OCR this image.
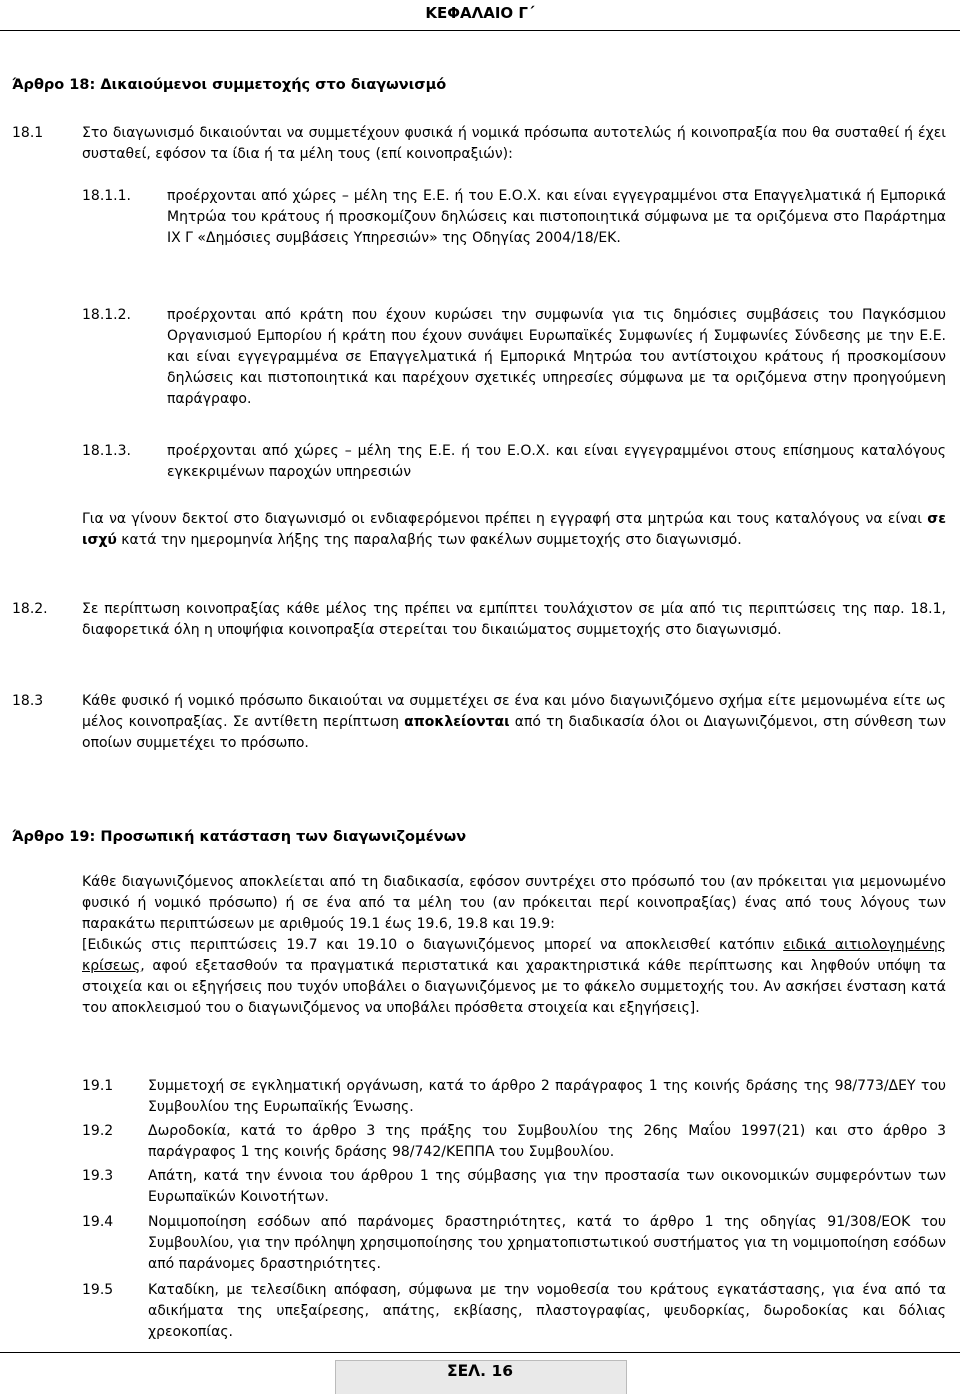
ΚΕΦΑΛΑΙΟ Γ΄
Άρθρο 18: Δικαιούμενοι συμμετοχής στο διαγωνισμό
18.1	Στο διαγωνισμό δικαιούνται να συμμετέχουν φυσικά ή νομικά πρόσωπα αυτοτελώς ή κοινοπραξία που θα συσταθεί ή έχει συσταθεί, εφόσον τα ίδια ή τα μέλη τους (επί κοινοπραξιών):

18.1.1.	προέρχονται από χώρες – μέλη της Ε.Ε. ή του Ε.Ο.Χ. και είναι εγγεγραμμένοι στα Επαγγελματικά ή Εμπορικά Μητρώα του κράτους ή προσκομίζουν δηλώσεις και πιστοποιητικά σύμφωνα με τα οριζόμενα στο Παράρτημα ΙΧ Γ «Δημόσιες συμβάσεις Υπηρεσιών» της Οδηγίας 2004/18/ΕΚ.

18.1.2.	προέρχονται από κράτη που έχουν κυρώσει την συμφωνία για τις δημόσιες συμβάσεις του Παγκόσμιου Οργανισμού Εμπορίου ή κράτη που έχουν συνάψει Ευρωπαϊκές Συμφωνίες ή Συμφωνίες Σύνδεσης με την Ε.Ε. και είναι εγγεγραμμένα σε Επαγγελματικά ή Εμπορικά Μητρώα του αντίστοιχου κράτους ή προσκομίσουν δηλώσεις και πιστοποιητικά και παρέχουν σχετικές υπηρεσίες σύμφωνα με τα οριζόμενα στην προηγούμενη παράγραφο.

18.1.3.	προέρχονται από χώρες – μέλη της Ε.Ε. ή του Ε.Ο.Χ. και είναι εγγεγραμμένοι στους επίσημους καταλόγους εγκεκριμένων παροχών υπηρεσιών

Για να γίνουν δεκτοί στο διαγωνισμό οι ενδιαφερόμενοι πρέπει η εγγραφή στα μητρώα και τους καταλόγους να είναι σε ισχύ κατά την ημερομηνία λήξης της παραλαβής των φακέλων συμμετοχής στο διαγωνισμό.

18.2. Σε περίπτωση κοινοπραξίας κάθε μέλος της πρέπει να εμπίπτει τουλάχιστον σε μία από τις περιπτώσεις της παρ. 18.1, διαφορετικά όλη η υποψήφια κοινοπραξία στερείται του δικαιώματος συμμετοχής στο διαγωνισμό.

18.3	Κάθε φυσικό ή νομικό πρόσωπο δικαιούται να συμμετέχει σε ένα και μόνο διαγωνιζόμενο σχήμα είτε μεμονωμένα είτε ως μέλος κοινοπραξίας. Σε αντίθετη περίπτωση αποκλείονται από τη διαδικασία όλοι οι Διαγωνιζόμενοι, στη σύνθεση των οποίων συμμετέχει το πρόσωπο.

Άρθρο 19: Προσωπική κατάσταση των διαγωνιζομένων

Κάθε διαγωνιζόμενος αποκλείεται από τη διαδικασία, εφόσον συντρέχει στο πρόσωπό του (αν πρόκειται για μεμονωμένο φυσικό ή νομικό πρόσωπο) ή σε ένα από τα μέλη του (αν πρόκειται περί κοινοπραξίας) ένας από τους λόγους των παρακάτω περιπτώσεων με αριθμούς 19.1 έως 19.6, 19.8 και 19.9:

[Ειδικώς στις περιπτώσεις 19.7 και 19.10 ο διαγωνιζόμενος μπορεί να αποκλεισθεί κατόπιν ειδικά αιτιολογημένης κρίσεως, αφού εξετασθούν τα πραγματικά περιστατικά και χαρακτηριστικά κάθε περίπτωσης και ληφθούν υπόψη τα στοιχεία και οι εξηγήσεις που τυχόν υποβάλει ο διαγωνιζόμενος με το φάκελο συμμετοχής του. Αν ασκήσει ένσταση κατά του αποκλεισμού του ο διαγωνιζόμενος να υποβάλει πρόσθετα στοιχεία και εξηγήσεις].

19.1 Συμμετοχή σε εγκληματική οργάνωση, κατά το άρθρο 2 παράγραφος 1 της κοινής δράσης της 98/773/ΔΕΥ του Συμβουλίου της Ευρωπαϊκής Ένωσης.

19.2 Δωροδοκία, κατά το άρθρο 3 της πράξης του Συμβουλίου της 26ης Μαΐου 1997(21) και στο άρθρο 3 παράγραφος 1 της κοινής δράσης 98/742/ΚΕΠΠΑ του Συμβουλίου.

19.3 Απάτη, κατά την έννοια του άρθρου 1 της σύμβασης για την προστασία των οικονομικών συμφερόντων των Ευρωπαϊκών Κοινοτήτων.

19.4 Νομιμοποίηση εσόδων από παράνομες δραστηριότητες, κατά το άρθρο 1 της οδηγίας 91/308/ΕΟΚ του Συμβουλίου, για την πρόληψη χρησιμοποίησης του χρηματοπιστωτικού συστήματος για τη νομιμοποίηση εσόδων από παράνομες δραστηριότητες.

19.5 Καταδίκη, με τελεσίδικη απόφαση, σύμφωνα με την νομοθεσία του κράτους εγκατάστασης, για ένα από τα αδικήματα της υπεξαίρεσης, απάτης, εκβίασης, πλαστογραφίας, ψευδορκίας, δωροδοκίας και δόλιας χρεοκοπίας.

ΣΕΛ. 16
